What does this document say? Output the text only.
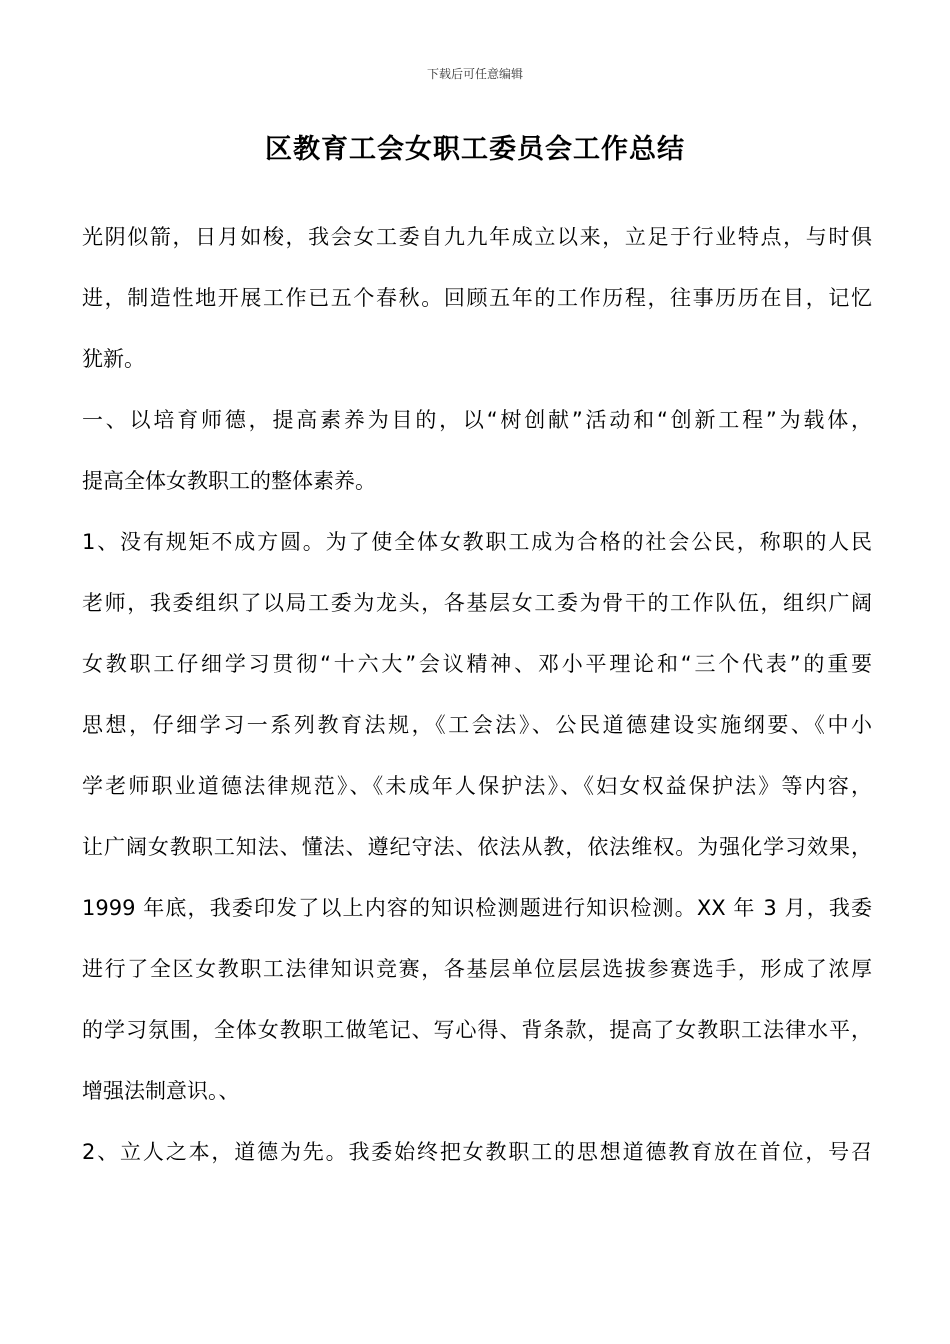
下载后可任意编辑
区教育工会女职工委员会工作总结
光阴似箭，日月如梭，我会女工委自九九年成立以来，立足于行业特点，与时俱
进，制造性地开展工作已五个春秋。回顾五年的工作历程，往事历历在目，记忆
犹新。
一、以培育师德，提高素养为目的，以“树创献”活动和“创新工程”为载体，
提高全体女教职工的整体素养。
1、没有规矩不成方圆。为了使全体女教职工成为合格的社会公民，称职的人民
老师，我委组织了以局工委为龙头，各基层女工委为骨干的工作队伍，组织广阔
女教职工仔细学习贯彻“十六大”会议精神、邓小平理论和“三个代表”的重要
思想，仔细学习一系列教育法规，《工会法》、公民道德建设实施纲要、《中小
学老师职业道德法律规范》、《未成年人保护法》、《妇女权益保护法》等内容，
让广阔女教职工知法、懂法、遵纪守法、依法从教，依法维权。为强化学习效果，
1999 年底，我委印发了以上内容的知识检测题进行知识检测。XX 年 3 月，我委
进行了全区女教职工法律知识竞赛，各基层单位层层选拔参赛选手，形成了浓厚
的学习氛围，全体女教职工做笔记、写心得、背条款，提高了女教职工法律水平，
增强法制意识。、
2、立人之本，道德为先。我委始终把女教职工的思想道德教育放在首位，号召
